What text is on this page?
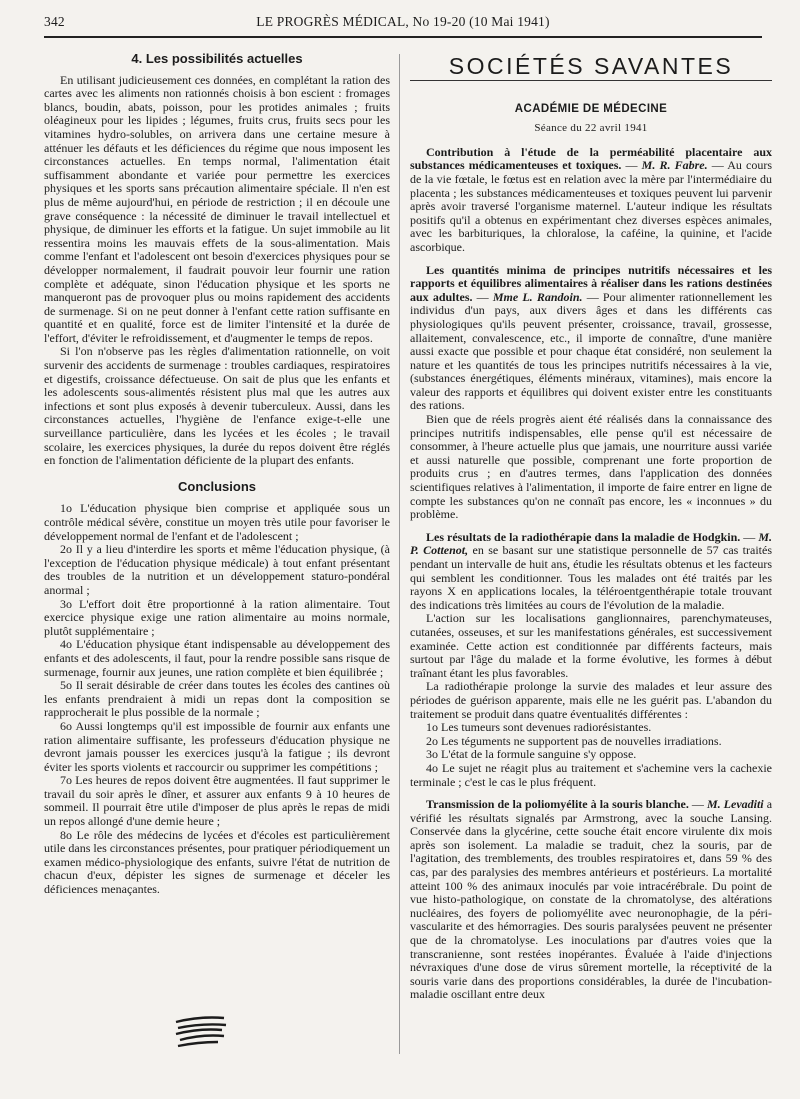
342	LE PROGRÈS MÉDICAL, No 19-20 (10 Mai 1941)
4. Les possibilités actuelles

En utilisant judicieusement ces données, en complétant la ration des cartes avec les aliments non rationnés choisis à bon escient : fromages blancs, boudin, abats, poisson, pour les protides animales ; fruits oléagineux pour les lipides ; légumes, fruits crus, fruits secs pour les vitamines hydro-solubles, on arrivera dans une certaine mesure à atténuer les défauts et les déficiences du régime que nous imposent les circonstances actuelles. En temps normal, l'alimentation était suffisamment abondante et variée pour permettre les exercices physiques et les sports sans précaution alimentaire spéciale. Il n'en est plus de même aujourd'hui, en période de restriction ; il en découle une grave conséquence : la nécessité de diminuer le travail intellectuel et physique, de diminuer les efforts et la fatigue. Un sujet immobile au lit ressentira moins les mauvais effets de la sous-alimentation. Mais comme l'enfant et l'adolescent ont besoin d'exercices physiques pour se développer normalement, il faudrait pouvoir leur fournir une ration complète et adéquate, sinon l'éducation physique et les sports ne manqueront pas de provoquer plus ou moins rapidement des accidents de surmenage. Si on ne peut donner à l'enfant cette ration suffisante en quantité et en qualité, force est de limiter l'intensité et la durée de l'effort, d'éviter le refroidissement, et d'augmenter le temps de repos.

Si l'on n'observe pas les règles d'alimentation rationnelle, on voit survenir des accidents de surmenage : troubles cardiaques, respiratoires et digestifs, croissance défectueuse. On sait de plus que les enfants et les adolescents sous-alimentés résistent plus mal que les autres aux infections et sont plus exposés à devenir tuberculeux. Aussi, dans les circonstances actuelles, l'hygiène de l'enfance exige-t-elle une surveillance particulière, dans les lycées et les écoles ; le travail scolaire, les exercices physiques, la durée du repos doivent être réglés en fonction de l'alimentation déficiente de la plupart des enfants.

Conclusions

1o L'éducation physique bien comprise et appliquée sous un contrôle médical sévère, constitue un moyen très utile pour favoriser le développement normal de l'enfant et de l'adolescent ;

2o Il y a lieu d'interdire les sports et même l'éducation physique, (à l'exception de l'éducation physique médicale) à tout enfant présentant des troubles de la nutrition et un développement staturo-pondéral anormal ;

3o L'effort doit être proportionné à la ration alimentaire. Tout exercice physique exige une ration alimentaire au moins normale, plutôt supplémentaire ;

4o L'éducation physique étant indispensable au développement des enfants et des adolescents, il faut, pour la rendre possible sans risque de surmenage, fournir aux jeunes, une ration complète et bien équilibrée ;

5o Il serait désirable de créer dans toutes les écoles des cantines où les enfants prendraient à midi un repas dont la composition se rapprocherait le plus possible de la normale ;

6o Aussi longtemps qu'il est impossible de fournir aux enfants une ration alimentaire suffisante, les professeurs d'éducation physique ne devront jamais pousser les exercices jusqu'à la fatigue ; ils devront éviter les sports violents et raccourcir ou supprimer les compétitions ;

7o Les heures de repos doivent être augmentées. Il faut supprimer le travail du soir après le dîner, et assurer aux enfants 9 à 10 heures de sommeil. Il pourrait être utile d'imposer de plus après le repas de midi un repos allongé d'une demie heure ;

8o Le rôle des médecins de lycées et d'écoles est particulièrement utile dans les circonstances présentes, pour pratiquer périodiquement un examen médico-physiologique des enfants, suivre l'état de nutrition de chacun d'eux, dépister les signes de surmenage et déceler les déficiences menaçantes.

SOCIÉTÉS SAVANTES
ACADÉMIE DE MÉDECINE
Séance du 22 avril 1941

Contribution à l'étude de la perméabilité placentaire aux substances médicamenteuses et toxiques. — M. R. Fabre. — Au cours de la vie fœtale, le fœtus est en relation avec la mère par l'intermédiaire du placenta ; les substances médicamenteuses et toxiques peuvent lui parvenir après avoir traversé l'organisme maternel. L'auteur indique les résultats positifs qu'il a obtenus en expérimentant chez diverses espèces animales, avec les barbituriques, la chloralose, la caféine, la quinine, et l'acide ascorbique.

Les quantités minima de principes nutritifs nécessaires et les rapports et équilibres alimentaires à réaliser dans les rations destinées aux adultes. — Mme L. Randoin. — Pour alimenter rationnellement les individus d'un pays, aux divers âges et dans les différents cas physiologiques qu'ils peuvent présenter, croissance, travail, grossesse, allaitement, convalescence, etc., il importe de connaître, d'une manière aussi exacte que possible et pour chaque état considéré, non seulement la nature et les quantités de tous les principes nutritifs nécessaires à la vie, (substances énergétiques, éléments minéraux, vitamines), mais encore la valeur des rapports et équilibres qui doivent exister entre les constituants des rations.

Bien que de réels progrès aient été réalisés dans la connaissance des principes nutritifs indispensables, elle pense qu'il est nécessaire de consommer, à l'heure actuelle plus que jamais, une nourriture aussi variée et aussi naturelle que possible, comprenant une forte proportion de produits crus ; en d'autres termes, dans l'application des données scientifiques relatives à l'alimentation, il importe de faire entrer en ligne de compte les substances qu'on ne connaît pas encore, les « inconnues » du problème.

Les résultats de la radiothérapie dans la maladie de Hodgkin. — M. P. Cottenot, en se basant sur une statistique personnelle de 57 cas traités pendant un intervalle de huit ans, étudie les résultats obtenus et les facteurs qui semblent les conditionner. Tous les malades ont été traités par les rayons X en applications locales, la téléroentgenthérapie totale trouvant des indications très limitées au cours de l'évolution de la maladie.

L'action sur les localisations ganglionnaires, parenchymateuses, cutanées, osseuses, et sur les manifestations générales, est successivement examinée. Cette action est conditionnée par différents facteurs, mais surtout par l'âge du malade et la forme évolutive, les formes à début traînant étant les plus favorables.

La radiothérapie prolonge la survie des malades et leur assure des périodes de guérison apparente, mais elle ne les guérit pas. L'abandon du traitement se produit dans quatre éventualités différentes :

1o Les tumeurs sont devenues radiorésistantes.

2o Les téguments ne supportent pas de nouvelles irradiations.

3o L'état de la formule sanguine s'y oppose.

4o Le sujet ne réagit plus au traitement et s'achemine vers la cachexie terminale ; c'est le cas le plus fréquent.

Transmission de la poliomyélite à la souris blanche. — M. Levaditi a vérifié les résultats signalés par Armstrong, avec la souche Lansing. Conservée dans la glycérine, cette souche était encore virulente dix mois après son isolement. La maladie se traduit, chez la souris, par de l'agitation, des tremblements, des troubles respiratoires et, dans 59 % des cas, par des paralysies des membres antérieurs et postérieurs. La mortalité atteint 100 % des animaux inoculés par voie intracérébrale. Du point de vue histo-pathologique, on constate de la chromatolyse, des altérations nucléaires, des foyers de poliomyélite avec neuronophagie, de la péri-vascularite et des hémorragies. Des souris paralysées peuvent ne présenter que de la chromatolyse. Les inoculations par d'autres voies que la transcranienne, sont restées inopérantes. Évaluée à l'aide d'injections névraxiques d'une dose de virus sûrement mortelle, la réceptivité de la souris varie dans des proportions considérables, la durée de l'incubation-maladie oscillant entre deux
